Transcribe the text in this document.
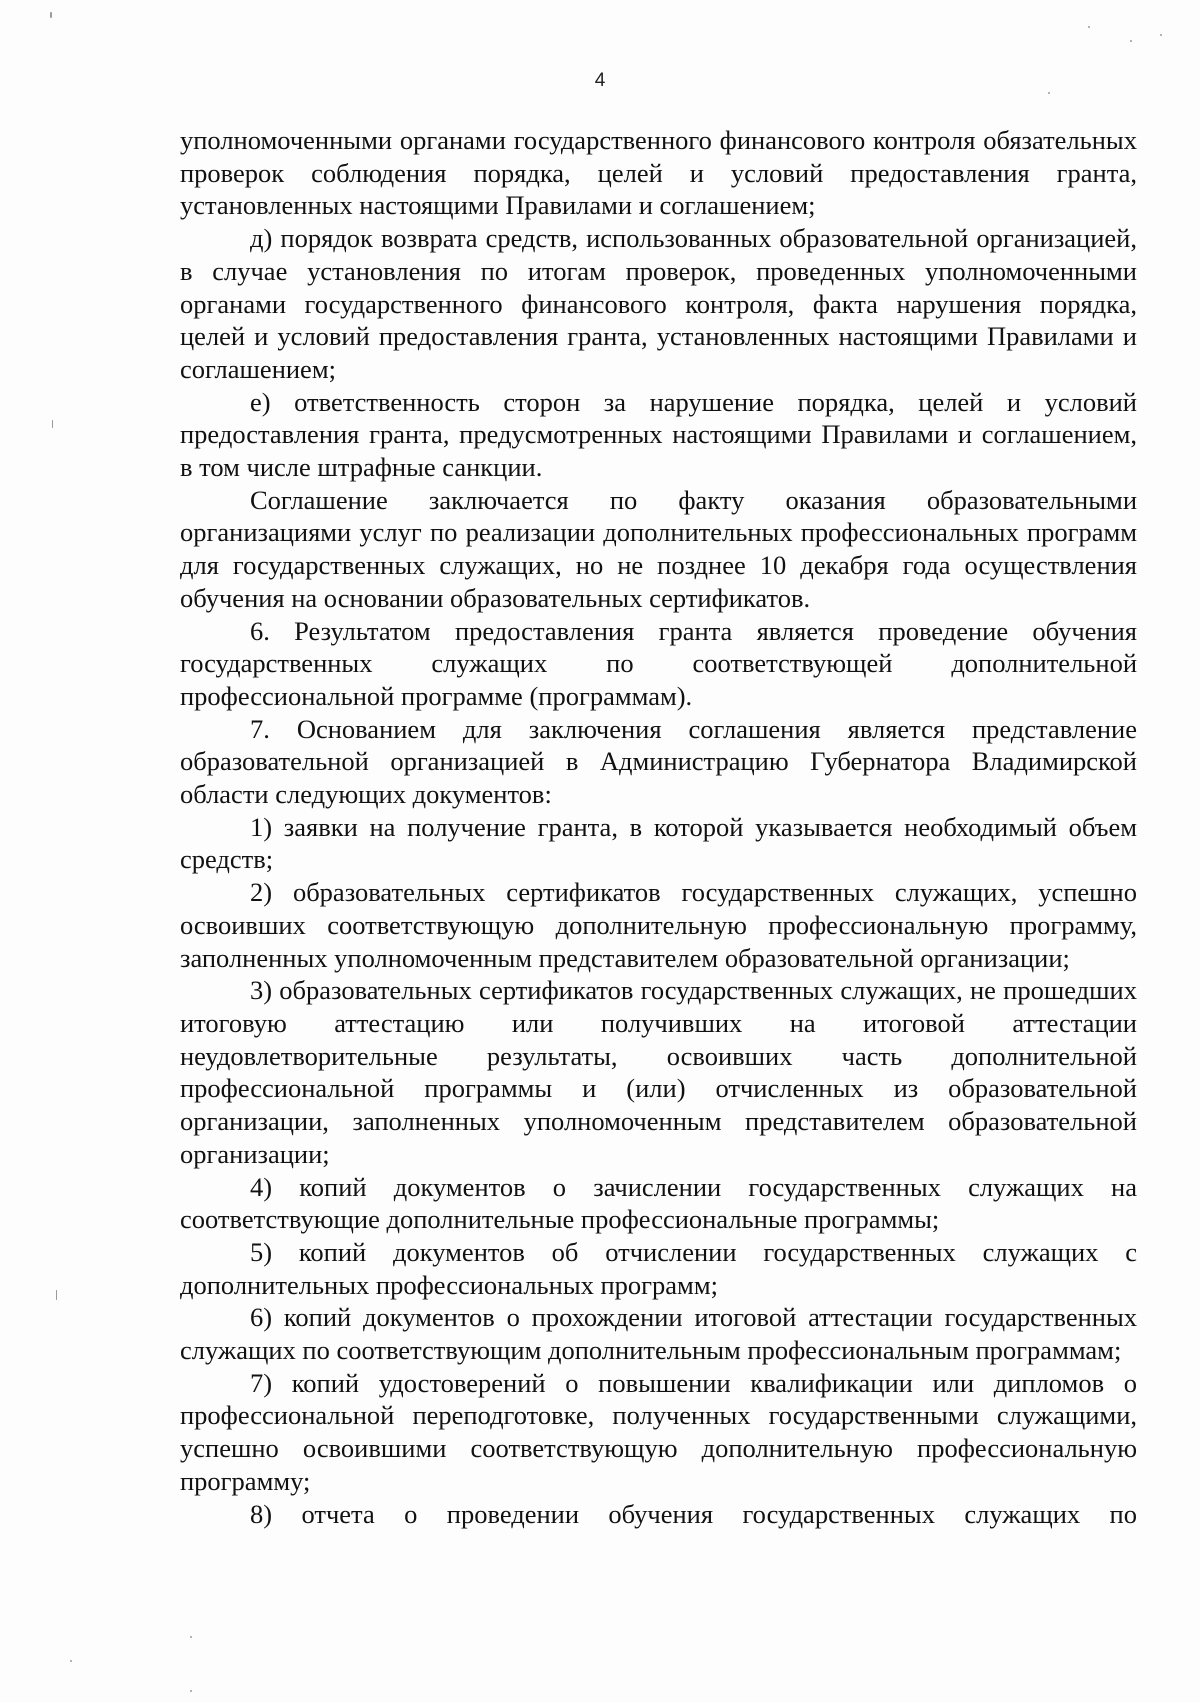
4

уполномоченными органами государственного финансового контроля обязательных проверок соблюдения порядка, целей и условий предоставления гранта, установленных настоящими Правилами и соглашением;

д) порядок возврата средств, использованных образовательной организацией, в случае установления по итогам проверок, проведенных уполномоченными органами государственного финансового контроля, факта нарушения порядка, целей и условий предоставления гранта, установленных настоящими Правилами и соглашением;

е) ответственность сторон за нарушение порядка, целей и условий предоставления гранта, предусмотренных настоящими Правилами и соглашением, в том числе штрафные санкции.

Соглашение заключается по факту оказания образовательными организациями услуг по реализации дополнительных профессиональных программ для государственных служащих, но не позднее 10 декабря года осуществления обучения на основании образовательных сертификатов.

6. Результатом предоставления гранта является проведение обучения государственных служащих по соответствующей дополнительной профессиональной программе (программам).

7. Основанием для заключения соглашения является представление образовательной организацией в Администрацию Губернатора Владимирской области следующих документов:

1) заявки на получение гранта, в которой указывается необходимый объем средств;

2) образовательных сертификатов государственных служащих, успешно освоивших соответствующую дополнительную профессиональную программу, заполненных уполномоченным представителем образовательной организации;

3) образовательных сертификатов государственных служащих, не прошедших итоговую аттестацию или получивших на итоговой аттестации неудовлетворительные результаты, освоивших часть дополнительной профессиональной программы и (или) отчисленных из образовательной организации, заполненных уполномоченным представителем образовательной организации;

4) копий документов о зачислении государственных служащих на соответствующие дополнительные профессиональные программы;

5) копий документов об отчислении государственных служащих с дополнительных профессиональных программ;

6) копий документов о прохождении итоговой аттестации государственных служащих по соответствующим дополнительным профессиональным программам;

7) копий удостоверений о повышении квалификации или дипломов о профессиональной переподготовке, полученных государственными служащими, успешно освоившими соответствующую дополнительную профессиональную программу;

8) отчета о проведении обучения государственных служащих по
